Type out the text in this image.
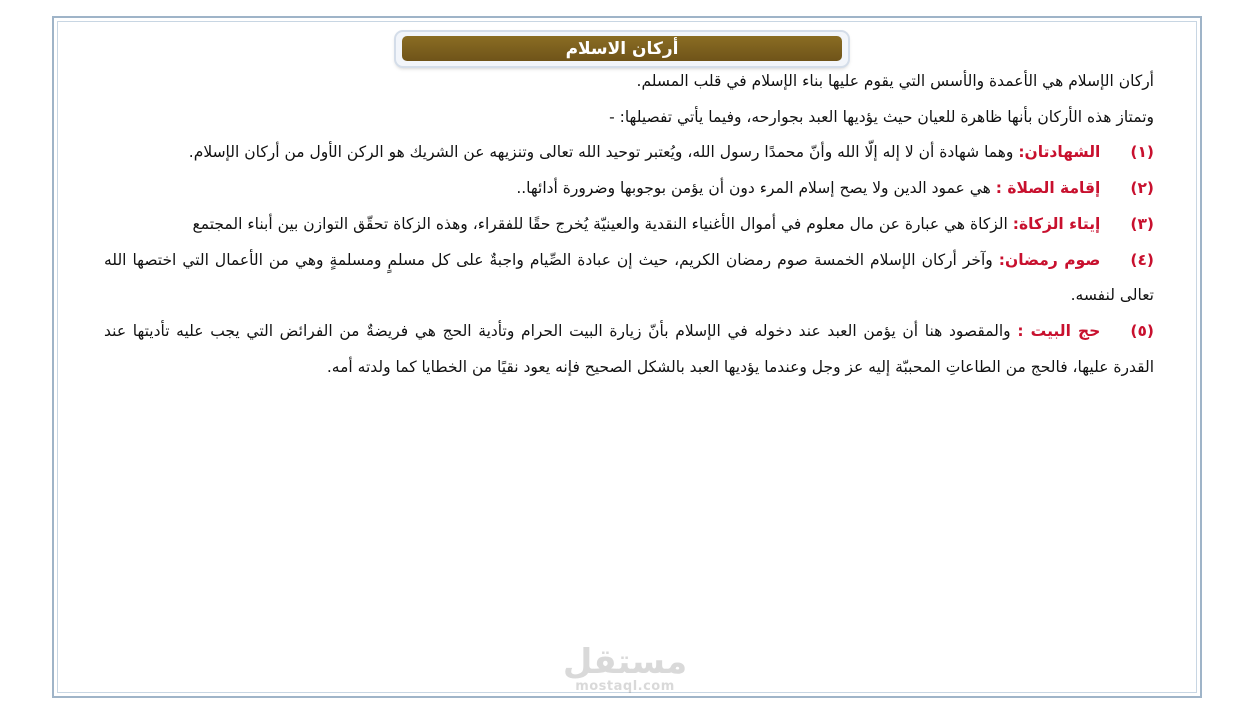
أركان الاسلام

أركان الإسلام هي الأعمدة والأسس التي يقوم عليها بناء الإسلام في قلب المسلم.

وتمتاز هذه الأركان بأنها ظاهرة للعيان حيث يؤديها العبد بجوارحه، وفيما يأتي تفصيلها: -

(١)الشهادتان: وهما شهادة أن لا إله إلّا الله وأنّ محمدًا رسول الله، ويُعتبر توحيد الله تعالى وتنزيهه عن الشريك هو الركن الأول من أركان الإسلام.

(٢)إقامة الصلاة : هي عمود الدين ولا يصح إسلام المرء دون أن يؤمن بوجوبها وضرورة أدائها..

(٣)إيتاء الزكاة: الزكاة هي عبارة عن مال معلوم في أموال الأغنياء النقدية والعينيّة يُخرج حقًا للفقراء، وهذه الزكاة تحقّق التوازن بين أبناء المجتمع

(٤)صوم رمضان: وآخر أركان الإسلام الخمسة صوم رمضان الكريم، حيث إن عبادة الصِّيام واجبةٌ على كل مسلمٍ ومسلمةٍ وهي من الأعمال التي اختصها الله تعالى لنفسه.

(٥)حج البيت : والمقصود هنا أن يؤمن العبد عند دخوله في الإسلام بأنّ زيارة البيت الحرام وتأدية الحج هي فريضةٌ من الفرائض التي يجب عليه تأديتها عند القدرة عليها، فالحج من الطاعاتِ المحببّة إليه عز وجل وعندما يؤديها العبد بالشكل الصحيح فإنه يعود نقيًا من الخطايا كما ولدته أمه.

مستقل
mostaql.com
